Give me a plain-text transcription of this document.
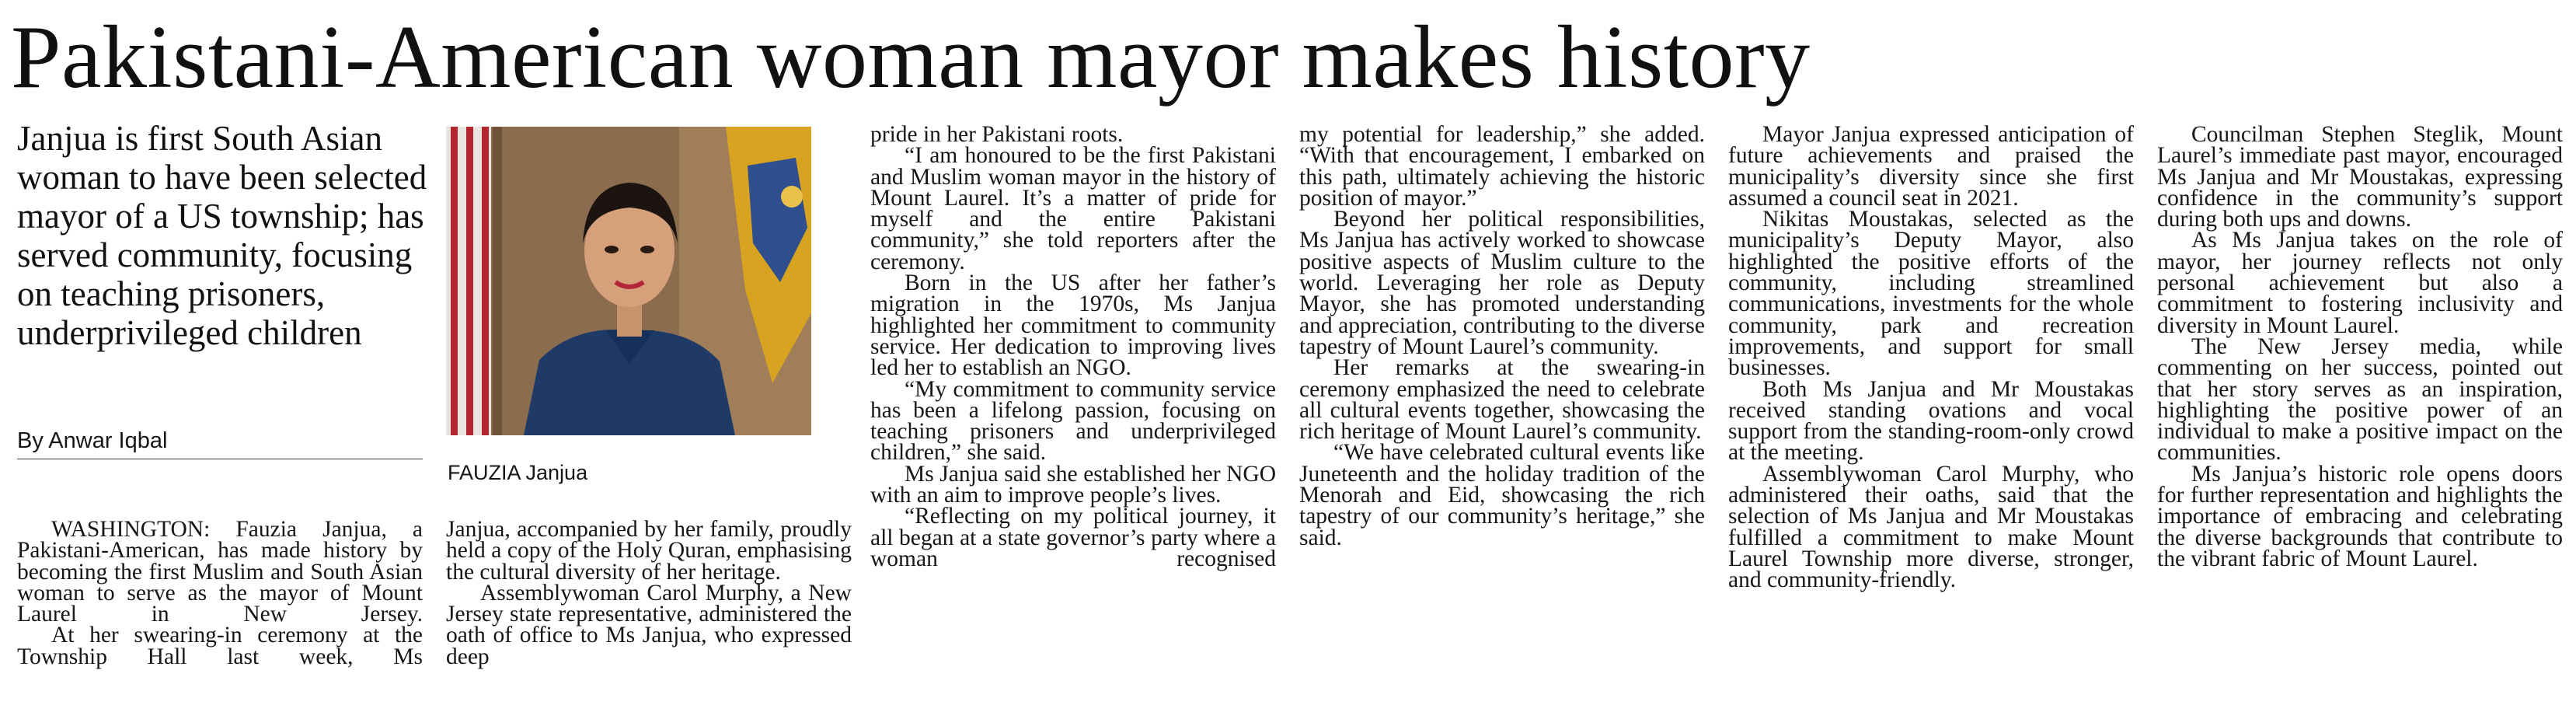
Pakistani-American woman mayor makes history

Janjua is first South Asian woman to have been selected mayor of a US township; has served community, focusing on teaching prisoners, underprivileged children

By Anwar Iqbal

FAUZIA Janjua

WASHINGTON: Fauzia Janjua, a Pakistani-American, has made history by becoming the first Muslim and South Asian woman to serve as the mayor of Mount Laurel in New Jersey.

At her swearing-in ceremony at the Township Hall last week, Ms

Janjua, accompanied by her family, proudly held a copy of the Holy Quran, emphasising the cultural diversity of her heritage.

Assemblywoman Carol Murphy, a New Jersey state representative, administered the oath of office to Ms Janjua, who expressed deep

pride in her Pakistani roots.

“I am honoured to be the first Pakistani and Muslim woman mayor in the history of Mount Laurel. It’s a matter of pride for myself and the entire Pakistani community,” she told reporters after the ceremony.

Born in the US after her father’s migration in the 1970s, Ms Janjua highlighted her commitment to community service. Her dedication to improving lives led her to establish an NGO.

“My commitment to community service has been a lifelong passion, focusing on teaching prisoners and underprivileged children,” she said.

Ms Janjua said she established her NGO with an aim to improve people’s lives.

“Reflecting on my political journey, it all began at a state governor’s party where a woman recognised

my potential for leadership,” she added. “With that encouragement, I embarked on this path, ultimately achieving the historic position of mayor.”

Beyond her political responsibilities, Ms Janjua has actively worked to showcase positive aspects of Muslim culture to the world. Leveraging her role as Deputy Mayor, she has promoted understanding and appreciation, contributing to the diverse tapestry of Mount Laurel’s community.

Her remarks at the swearing-in ceremony emphasized the need to celebrate all cultural events together, showcasing the rich heritage of Mount Laurel’s community.

“We have celebrated cultural events like Juneteenth and the holiday tradition of the Menorah and Eid, showcasing the rich tapestry of our community’s heritage,” she said.

Mayor Janjua expressed anticipation of future achievements and praised the municipality’s diversity since she first assumed a council seat in 2021.

Nikitas Moustakas, selected as the municipality’s Deputy Mayor, also highlighted the positive efforts of the community, including streamlined communications, investments for the whole community, park and recreation improvements, and support for small businesses.

Both Ms Janjua and Mr Moustakas received standing ovations and vocal support from the standing-room-only crowd at the meeting.

Assemblywoman Carol Murphy, who administered their oaths, said that the selection of Ms Janjua and Mr Moustakas fulfilled a commitment to make Mount Laurel Township more diverse, stronger, and community-friendly.

Councilman Stephen Steglik, Mount Laurel’s immediate past mayor, encouraged Ms Janjua and Mr Moustakas, expressing confidence in the community’s support during both ups and downs.

As Ms Janjua takes on the role of mayor, her journey reflects not only personal achievement but also a commitment to fostering inclusivity and diversity in Mount Laurel.

The New Jersey media, while commenting on her success, pointed out that her story serves as an inspiration, highlighting the positive power of an individual to make a positive impact on the communities.

Ms Janjua’s historic role opens doors for further representation and highlights the importance of embracing and celebrating the diverse backgrounds that contribute to the vibrant fabric of Mount Laurel.
